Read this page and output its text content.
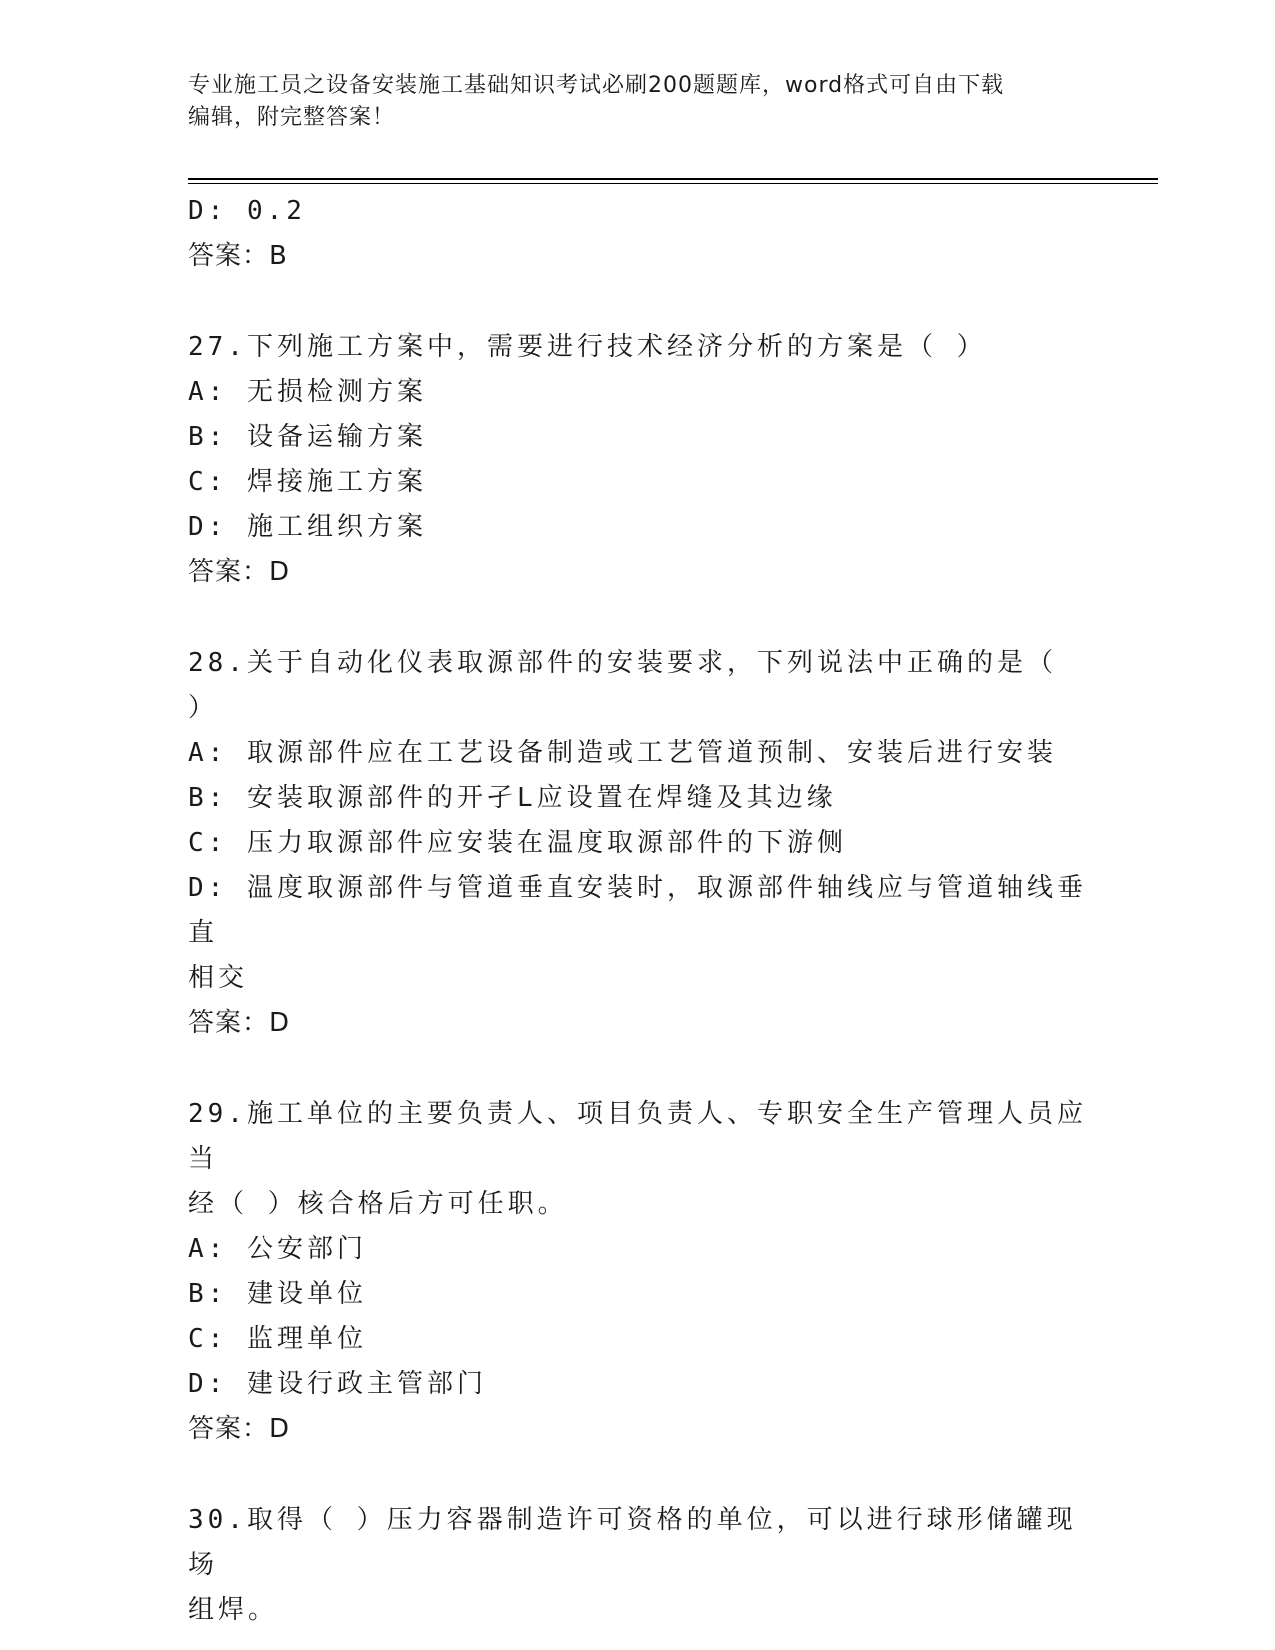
专业施工员之设备安装施工基础知识考试必刷200题题库，word格式可自由下载
编辑，附完整答案！
D: 0.2
答案：B
27.下列施工方案中，需要进行技术经济分析的方案是（ ）
A: 无损检测方案
B: 设备运输方案
C: 焊接施工方案
D: 施工组织方案
答案：D
28.关于自动化仪表取源部件的安装要求，下列说法中正确的是（ ）
A: 取源部件应在工艺设备制造或工艺管道预制、安装后进行安装
B: 安装取源部件的开孑L应设置在焊缝及其边缘
C: 压力取源部件应安装在温度取源部件的下游侧
D: 温度取源部件与管道垂直安装时，取源部件轴线应与管道轴线垂直
相交
答案：D
29.施工单位的主要负责人、项目负责人、专职安全生产管理人员应当
经（ ）核合格后方可任职。
A: 公安部门
B: 建设单位
C: 监理单位
D: 建设行政主管部门
答案：D
30.取得（ ）压力容器制造许可资格的单位，可以进行球形储罐现场
组焊。
